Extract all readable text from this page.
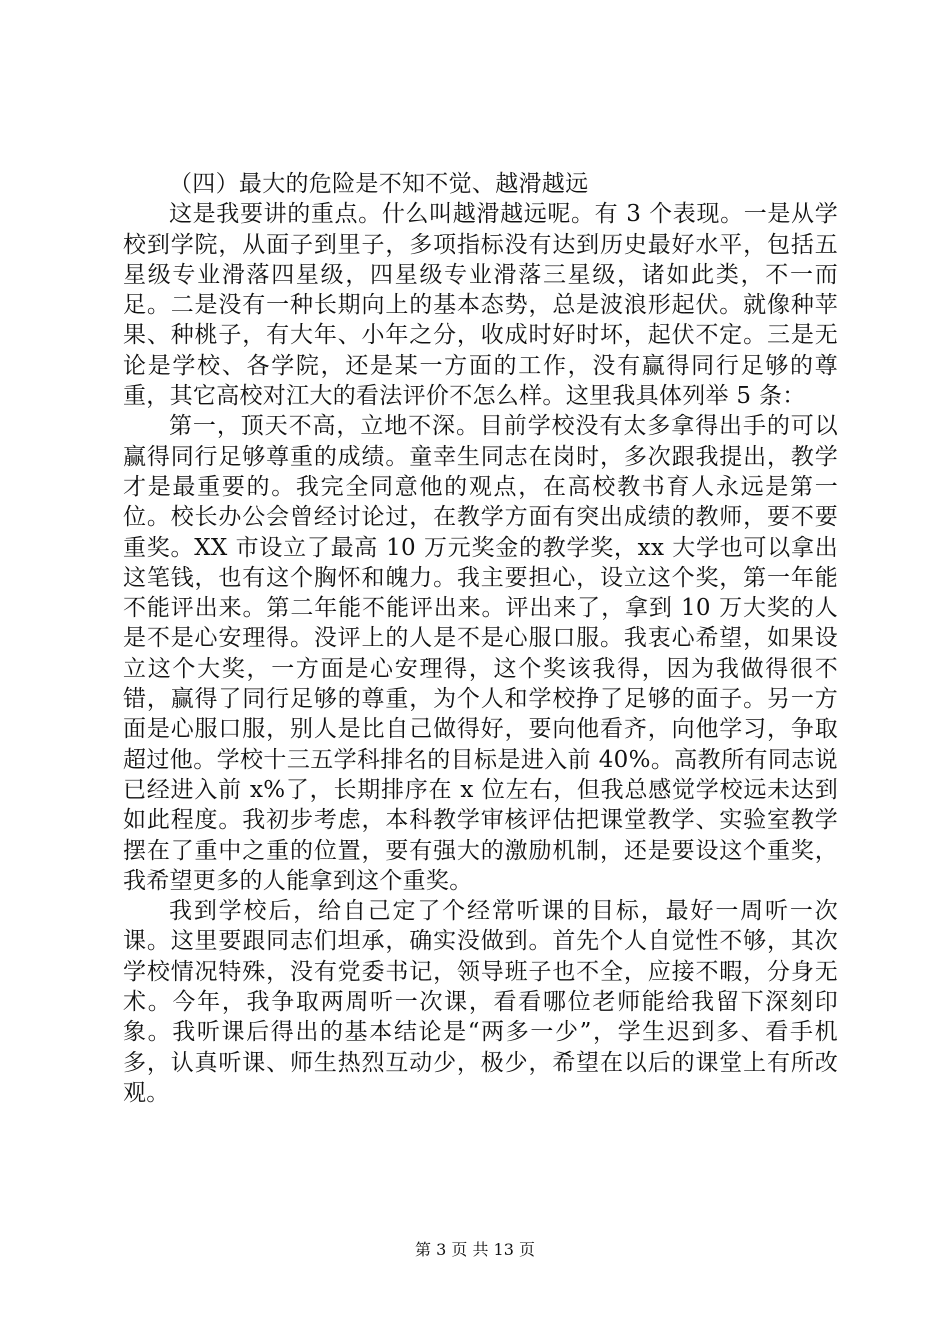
（四）最大的危险是不知不觉、越滑越远

这是我要讲的重点。什么叫越滑越远呢。有 3 个表现。一是从学校到学院，从面子到里子，多项指标没有达到历史最好水平，包括五星级专业滑落四星级，四星级专业滑落三星级，诸如此类，不一而足。二是没有一种长期向上的基本态势，总是波浪形起伏。就像种苹果、种桃子，有大年、小年之分，收成时好时坏，起伏不定。三是无论是学校、各学院，还是某一方面的工作，没有赢得同行足够的尊重，其它高校对江大的看法评价不怎么样。这里我具体列举 5 条：

第一，顶天不高，立地不深。目前学校没有太多拿得出手的可以赢得同行足够尊重的成绩。童幸生同志在岗时，多次跟我提出，教学才是最重要的。我完全同意他的观点，在高校教书育人永远是第一位。校长办公会曾经讨论过，在教学方面有突出成绩的教师，要不要重奖。XX 市设立了最高 10 万元奖金的教学奖，xx 大学也可以拿出这笔钱，也有这个胸怀和魄力。我主要担心，设立这个奖，第一年能不能评出来。第二年能不能评出来。评出来了，拿到 10 万大奖的人是不是心安理得。没评上的人是不是心服口服。我衷心希望，如果设立这个大奖，一方面是心安理得，这个奖该我得，因为我做得很不错，赢得了同行足够的尊重，为个人和学校挣了足够的面子。另一方面是心服口服，别人是比自己做得好，要向他看齐，向他学习，争取超过他。学校十三五学科排名的目标是进入前 40%。高教所有同志说已经进入前 x%了，长期排序在 x 位左右，但我总感觉学校远未达到如此程度。我初步考虑，本科教学审核评估把课堂教学、实验室教学摆在了重中之重的位置，要有强大的激励机制，还是要设这个重奖，我希望更多的人能拿到这个重奖。

我到学校后，给自己定了个经常听课的目标，最好一周听一次课。这里要跟同志们坦承，确实没做到。首先个人自觉性不够，其次学校情况特殊，没有党委书记，领导班子也不全，应接不暇，分身无术。今年，我争取两周听一次课，看看哪位老师能给我留下深刻印象。我听课后得出的基本结论是“两多一少”，学生迟到多、看手机多，认真听课、师生热烈互动少，极少，希望在以后的课堂上有所改观。

第 3 页 共 13 页
